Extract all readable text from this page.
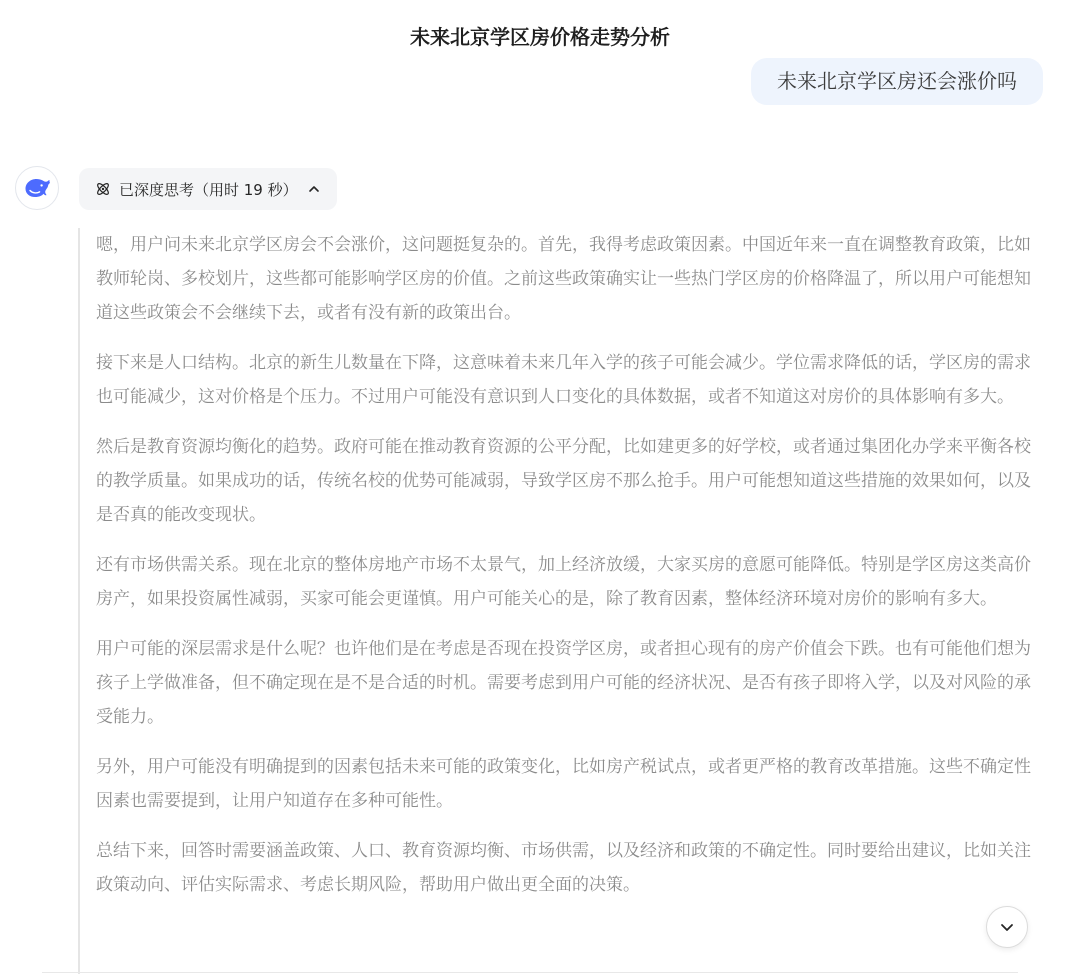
未来北京学区房价格走势分析
未来北京学区房还会涨价吗
已深度思考（用时 19 秒）

嗯，用户问未来北京学区房会不会涨价，这问题挺复杂的。首先，我得考虑政策因素。中国近年来一直在调整教育政策，比如教师轮岗、多校划片，这些都可能影响学区房的价值。之前这些政策确实让一些热门学区房的价格降温了，所以用户可能想知道这些政策会不会继续下去，或者有没有新的政策出台。

接下来是人口结构。北京的新生儿数量在下降，这意味着未来几年入学的孩子可能会减少。学位需求降低的话，学区房的需求也可能减少，这对价格是个压力。不过用户可能没有意识到人口变化的具体数据，或者不知道这对房价的具体影响有多大。

然后是教育资源均衡化的趋势。政府可能在推动教育资源的公平分配，比如建更多的好学校，或者通过集团化办学来平衡各校的教学质量。如果成功的话，传统名校的优势可能减弱，导致学区房不那么抢手。用户可能想知道这些措施的效果如何，以及是否真的能改变现状。

还有市场供需关系。现在北京的整体房地产市场不太景气，加上经济放缓，大家买房的意愿可能降低。特别是学区房这类高价房产，如果投资属性减弱，买家可能会更谨慎。用户可能关心的是，除了教育因素，整体经济环境对房价的影响有多大。

用户可能的深层需求是什么呢？也许他们是在考虑是否现在投资学区房，或者担心现有的房产价值会下跌。也有可能他们想为孩子上学做准备，但不确定现在是不是合适的时机。需要考虑到用户可能的经济状况、是否有孩子即将入学，以及对风险的承受能力。

另外，用户可能没有明确提到的因素包括未来可能的政策变化，比如房产税试点，或者更严格的教育改革措施。这些不确定性因素也需要提到，让用户知道存在多种可能性。

总结下来，回答时需要涵盖政策、人口、教育资源均衡、市场供需，以及经济和政策的不确定性。同时要给出建议，比如关注政策动向、评估实际需求、考虑长期风险，帮助用户做出更全面的决策。
